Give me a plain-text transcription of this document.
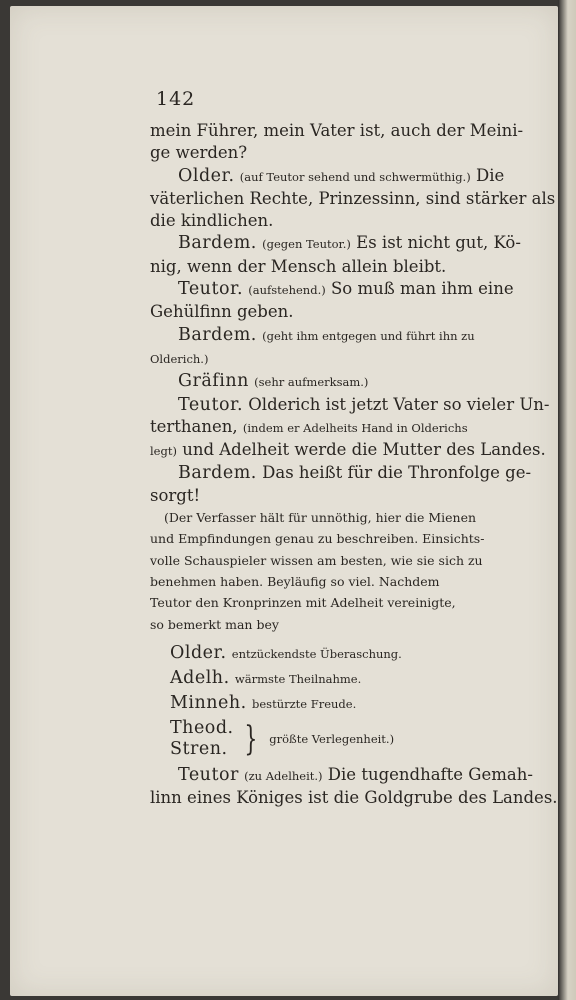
142

mein Führer, mein Vater ist, auch der Meini-

ge werden?

Older. (auf Teutor sehend und schwermüthig.) Die

väterlichen Rechte, Prinzessinn, sind stärker als

die kindlichen.

Bardem. (gegen Teutor.) Es ist nicht gut, Kö-

nig, wenn der Mensch allein bleibt.

Teutor. (aufstehend.) So muß man ihm eine

Gehülfinn geben.

Bardem. (geht ihm entgegen und führt ihn zu

Olderich.)

Gräfinn (sehr aufmerksam.)

Teutor. Olderich ist jetzt Vater so vieler Un-

terthanen, (indem er Adelheits Hand in Olderichs

legt) und Adelheit werde die Mutter des Landes.

Bardem. Das heißt für die Thronfolge ge-

sorgt!

(Der Verfasser hält für unnöthig, hier die Mienen

und Empfindungen genau zu beschreiben. Einsichts-

volle Schauspieler wissen am besten, wie sie sich zu

benehmen haben. Beyläufig so viel. Nachdem

Teutor den Kronprinzen mit Adelheit vereinigte,

so bemerkt man bey

Older. entzückendste Überaschung.

Adelh. wärmste Theilnahme.

Minneh. bestürzte Freude.

Theod.

Stren. } größte Verlegenheit.)

Teutor (zu Adelheit.) Die tugendhafte Gemah-

linn eines Königes ist die Goldgrube des Landes.
